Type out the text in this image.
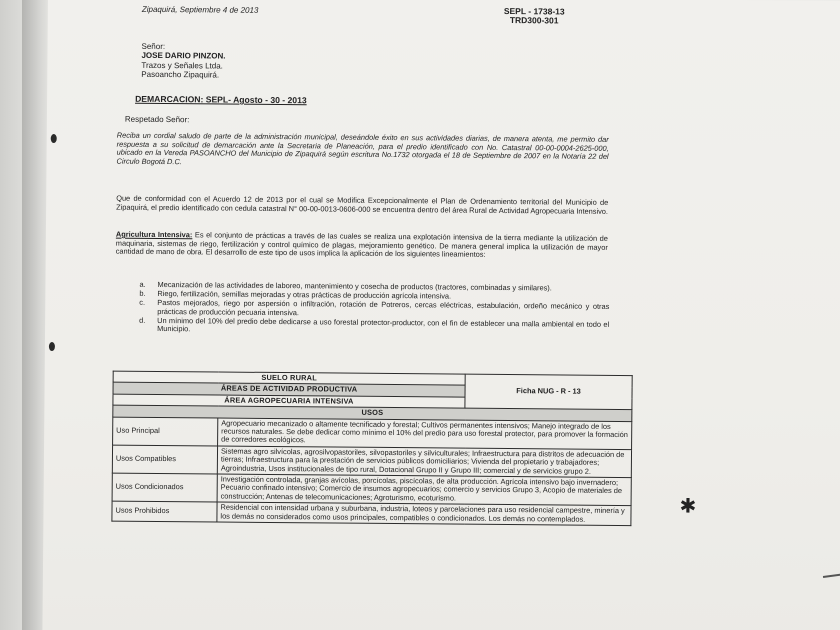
Zipaquirá, Septiembre 4 de 2013	SEPL - 1738-13
TRD300-301
Señor:
JOSE DARIO PINZON.
Trazos y Señales Ltda.
Pasoancho Zipaquirá.
DEMARCACION: SEPL- Agosto - 30 - 2013
Respetado Señor:
Reciba un cordial saludo de parte de la administración municipal, deseándole éxito en sus actividades diarias, de manera atenta, me permito dar respuesta a su solicitud de demarcación ante la Secretaria de Planeación, para el predio identificado con No. Catastral 00-00-0004-2625-000, ubicado en la Vereda PASOANCHO del Municipio de Zipaquirá según escritura No.1732 otorgada el 18 de Septiembre de 2007 en la Notaría 22 del Circulo Bogotá D.C.
Que de conformidad con el Acuerdo 12 de 2013 por el cual se Modifica Excepcionalmente el Plan de Ordenamiento territorial del Municipio de Zipaquirá, el predio identificado con cedula catastral N° 00-00-0013-0606-000 se encuentra dentro del área Rural de Actividad Agropecuaria Intensivo.
Agricultura Intensiva: Es el conjunto de prácticas a través de las cuales se realiza una explotación intensiva de la tierra mediante la utilización de maquinaria, sistemas de riego, fertilización y control químico de plagas, mejoramiento genético. De manera general implica la utilización de mayor cantidad de mano de obra. El desarrollo de este tipo de usos implica la aplicación de los siguientes lineamientos:
a. Mecanización de las actividades de laboreo, mantenimiento y cosecha de productos (tractores, combinadas y similares).
b. Riego, fertilización, semillas mejoradas y otras prácticas de producción agrícola intensiva.
c. Pastos mejorados, riego por aspersión o infiltración, rotación de Potreros, cercas eléctricas, estabulación, ordeño mecánico y otras prácticas de producción pecuaria intensiva.
d. Un mínimo del 10% del predio debe dedicarse a uso forestal protector-productor, con el fin de establecer una malla ambiental en todo el Municipio.
SUELO RURAL		Ficha NUG - R - 13
ÁREAS DE ACTIVIDAD PRODUCTIVA		
ÁREA AGROPECUARIA INTENSIVA		
USOS		
Uso Principal	Agropecuario mecanizado o altamente tecnificado y forestal; Cultivos permanentes intensivos; Manejo integrado de los recursos naturales. Se debe dedicar como mínimo el 10% del predio para uso forestal protector, para promover la formación de corredores ecológicos.	
Usos Compatibles	Sistemas agro silvícolas, agrosilvopastoriles, silvopastoriles y silviculturales; Infraestructura para distritos de adecuación de tierras; Infraestructura para la prestación de servicios públicos domiciliarios; Vivienda del propietario y trabajadores; Agroindustria, Usos institucionales de tipo rural, Dotacional Grupo II y Grupo III; comercial y de servicios grupo 2.	
Usos Condicionados	Investigación controlada, granjas avícolas, porcícolas, piscícolas, de alta producción. Agrícola intensivo bajo invernadero; Pecuario confinado intensivo; Comercio de insumos agropecuarios; comercio y servicios Grupo 3, Acopio de materiales de construcción; Antenas de telecomunicaciones; Agroturismo, ecoturismo.	
Usos Prohibidos	Residencial con intensidad urbana y suburbana, industria, loteos y parcelaciones para uso residencial campestre, minería y los demás no considerados como usos principales, compatibles o condicionados. Los demás no contemplados.		✱
